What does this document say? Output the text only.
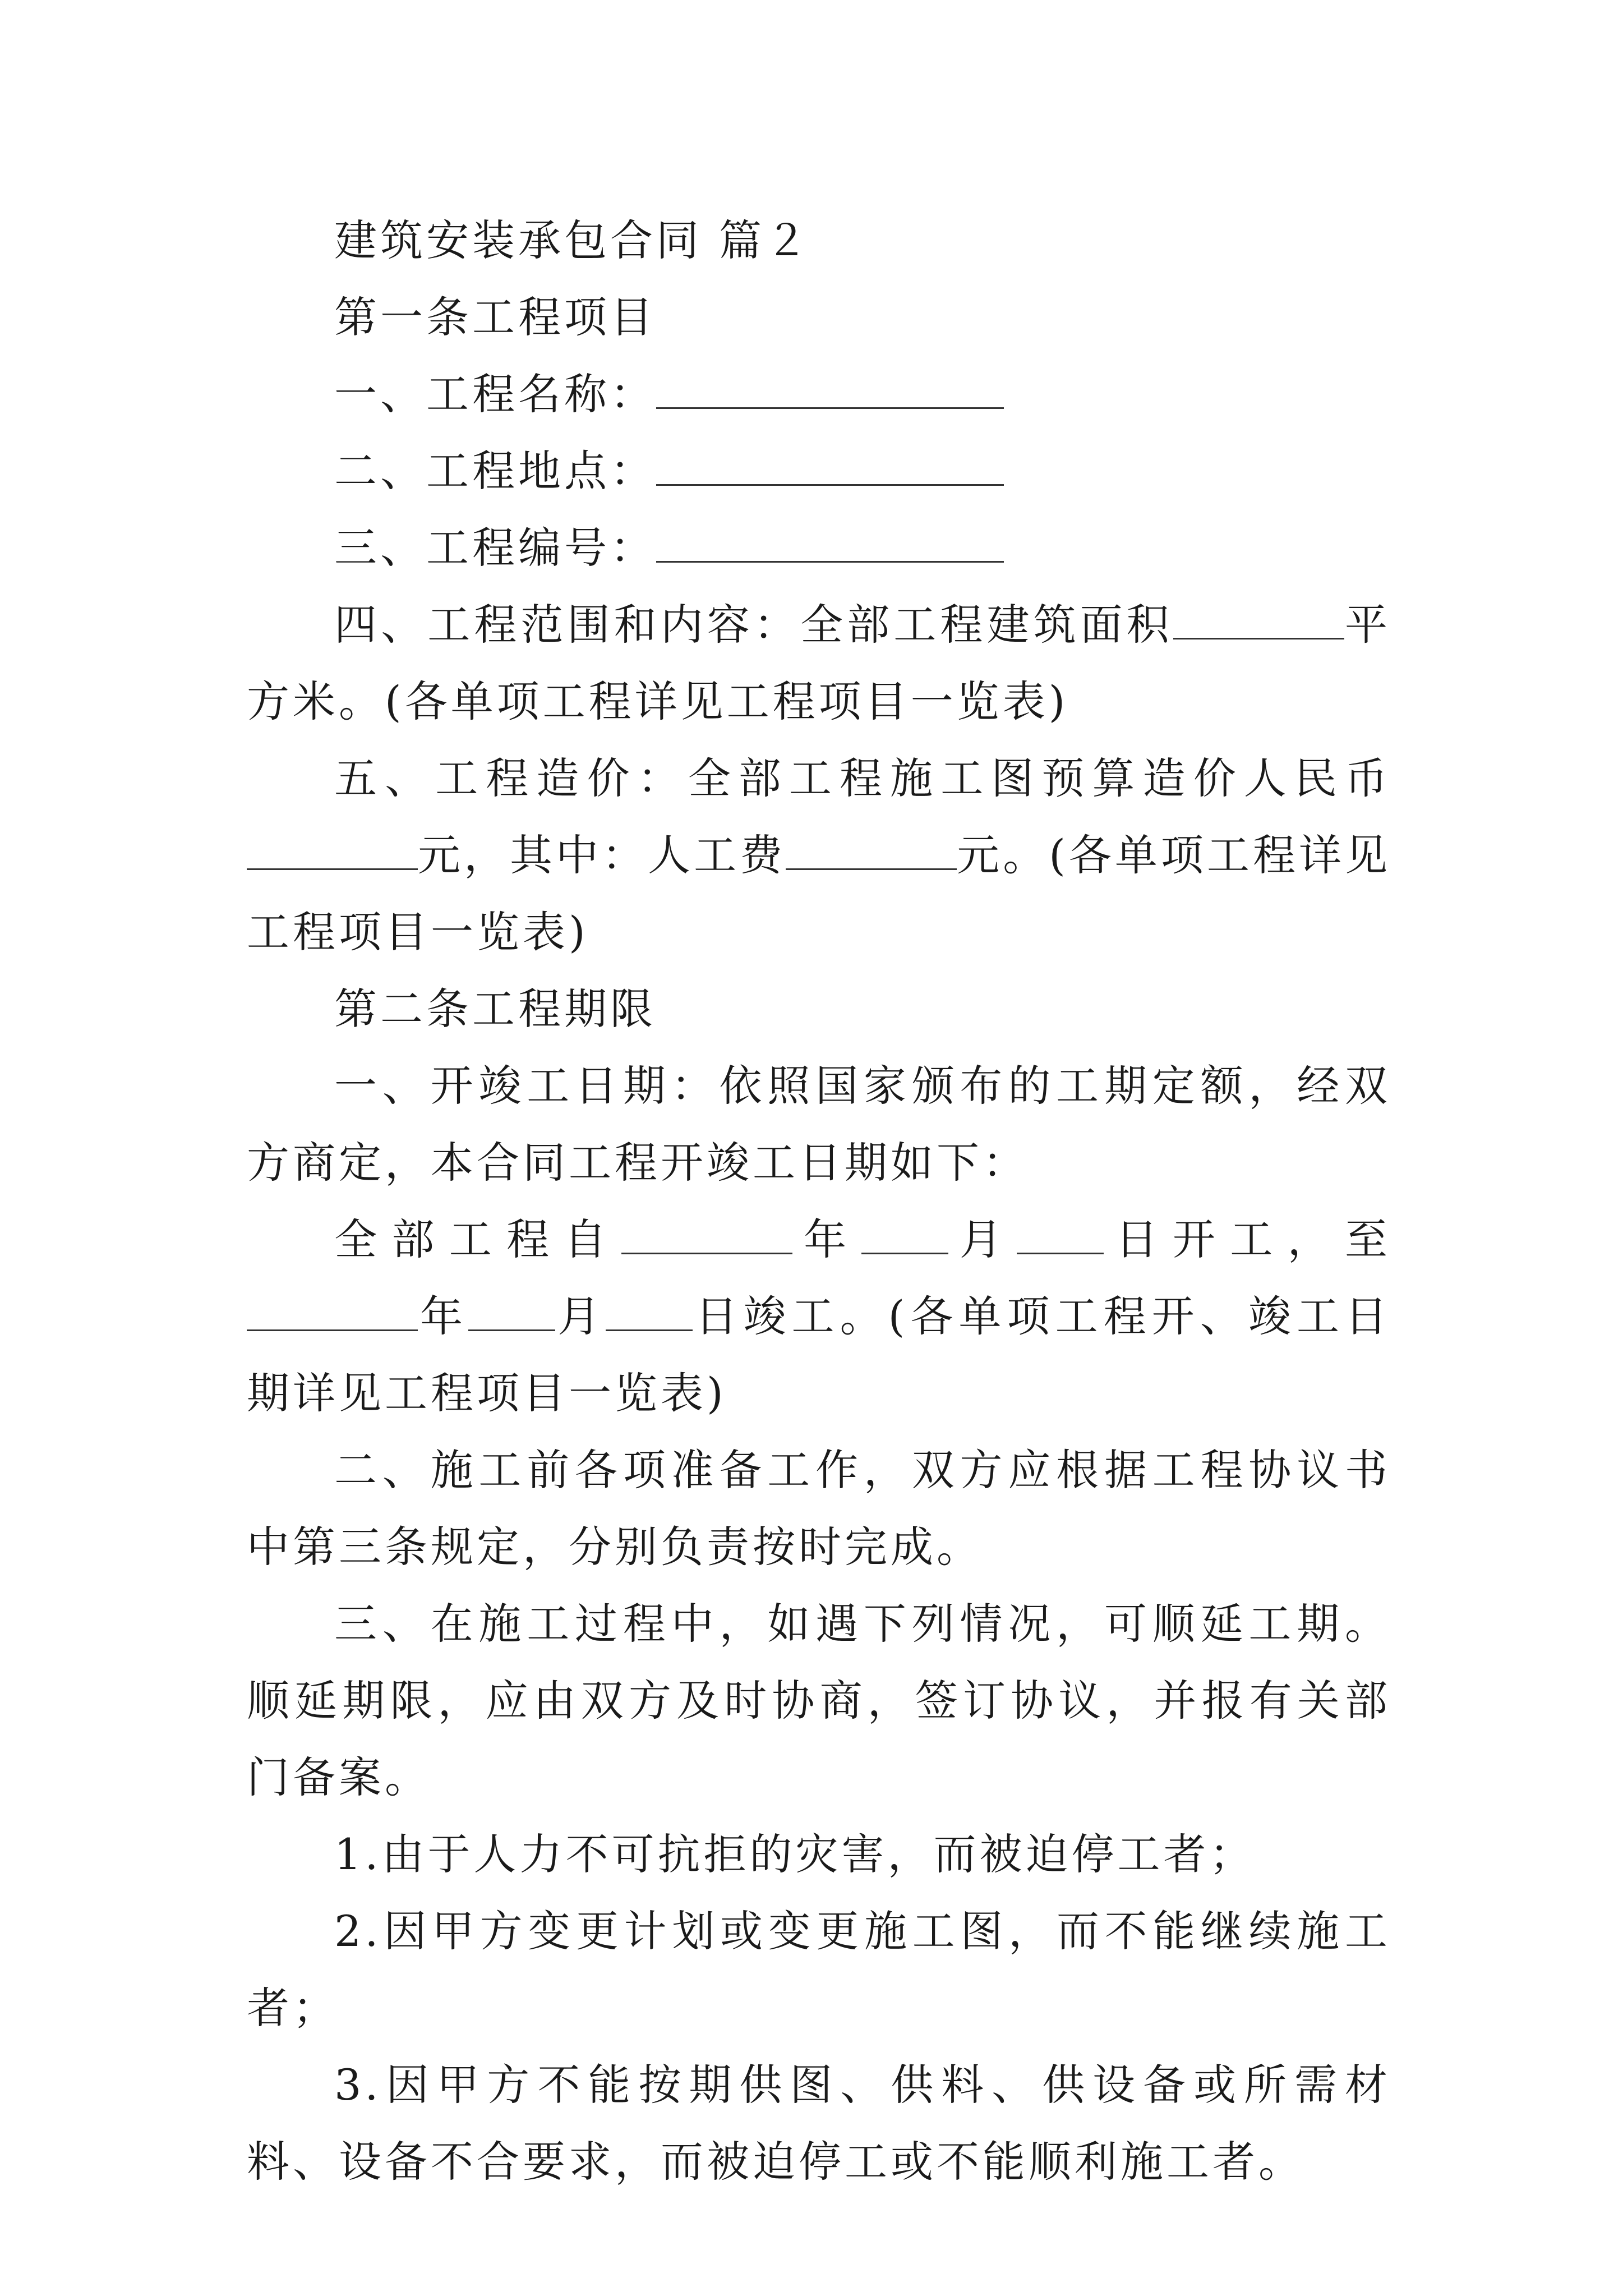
建筑安装承包合同 篇２

第一条工程项目

一、工程名称：

二、工程地点：

三、工程编号：

四、工程范围和内容：全部工程建筑面积	平方米。(各单项工程详见工程项目一览表)

五、工程造价：全部工程施工图预算造价人民币元，其中：人工费	元。(各单项工程详见工程项目一览表)

第二条工程期限

一、开竣工日期：依照国家颁布的工期定额，经双方商定，本合同工程开竣工日期如下：

全部工程自	年 月 日开工，至年 月 日竣工。(各单项工程开、竣工日期详见工程项目一览表)

二、施工前各项准备工作，双方应根据工程协议书中第三条规定，分别负责按时完成。

三、在施工过程中，如遇下列情况，可顺延工期。顺延期限，应由双方及时协商，签订协议，并报有关部门备案。

1.由于人力不可抗拒的灾害，而被迫停工者；

2.因甲方变更计划或变更施工图，而不能继续施工者；

3.因甲方不能按期供图、供料、供设备或所需材料、设备不合要求，而被迫停工或不能顺利施工者。
